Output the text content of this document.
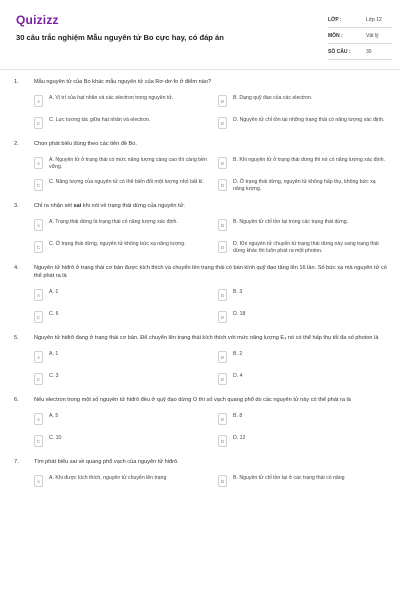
Quizizz
30 câu trắc nghiệm Mẫu nguyên tử Bo cực hay, có đáp án
LỚP :	Lớp 12
MÔN :	Vật lý
SỐ CÂU :	30
1.	Mẫu nguyên tử của Bo khác mẫu nguyên tử của Rơ-dơ-fo ở điểm nào?
A	A. Vị trí của hạt nhân và các electron trong nguyên tử.	B	B. Dạng quỹ đạo của các electron.
C	C. Lực tương tác giữa hạt nhân và electron.	D	D. Nguyên tử chỉ tồn tại những trạng thái có năng lượng xác định.
2.	Chọn phát biểu đúng theo các tiên đề Bo.
A	A. Nguyên tử ở trạng thái có mức năng lượng càng cao thì càng bền vững.
B	B. Khi nguyên tử ở trạng thái dừng thì nó có năng lượng xác định.
C	C. Năng lượng của nguyên tử có thể biến đổi một lượng nhỏ bất kì.	D	D. Ở trạng thái dừng, nguyên tử không hấp thụ, không bức xạ năng lượng.
3.	Chỉ ra nhận xét sai khi nói về trạng thái dừng của nguyên tử:
A	A. Trạng thái dừng là trạng thái có năng lượng xác định.	B	B. Nguyên tử chỉ tồn tại trong các trạng thái dừng.
C	C. Ở trạng thái dừng, nguyên tử không bức xạ năng lượng.	D	D. Khi nguyên tử chuyển từ trạng thái dừng này sang trạng thái dừng khác thì luôn phát ra một photon.
4.	Nguyên tử hiđrô ở trạng thái cơ bản được kích thích và chuyển lên trạng thái có bán kính quỹ đạo tăng lên 16 lần. Số bức xạ mà nguyên tử có thể phát ra là
A	A. 1	B	B. 3
C	C. 6	D	D. 18
5.	Nguyên tử hiđrô đang ở trạng thái cơ bản. Để chuyển lên trạng thái kích thích với mức năng lượng E₃ nó có thể hấp thụ tối đa số photon là
A	A. 1	B	B. 2
C	C. 3	D	D. 4
6.	Nếu electron trong một số nguyên tử hiđrô đều ở quỹ đạo dừng O thì số vạch quang phổ do các nguyên tử này có thể phát ra là
A	A. 5	B	B. 8
C	C. 10	D	D. 12
7.	Tìm phát biểu sai về quang phổ vạch của nguyên tử hiđrô.
A	A. Khi được kích thích, nguyên tử chuyển lên trạng	B	B. Nguyên tử chỉ tồn tại ở các trạng thái có năng
